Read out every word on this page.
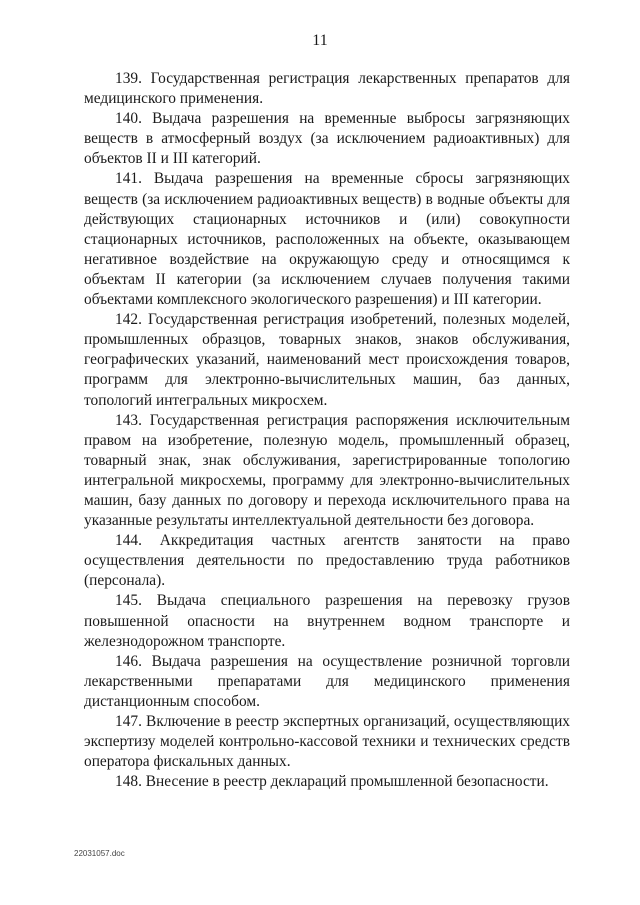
11

139. Государственная регистрация лекарственных препаратов для медицинского применения.

140. Выдача разрешения на временные выбросы загрязняющих веществ в атмосферный воздух (за исключением радиоактивных) для объектов II и III категорий.

141. Выдача разрешения на временные сбросы загрязняющих веществ (за исключением радиоактивных веществ) в водные объекты для действующих стационарных источников и (или) совокупности стационарных источников, расположенных на объекте, оказывающем негативное воздействие на окружающую среду и относящимся к объектам II категории (за исключением случаев получения такими объектами комплексного экологического разрешения) и III категории.

142. Государственная регистрация изобретений, полезных моделей, промышленных образцов, товарных знаков, знаков обслуживания, географических указаний, наименований мест происхождения товаров, программ для электронно-вычислительных машин, баз данных, топологий интегральных микросхем.

143. Государственная регистрация распоряжения исключительным правом на изобретение, полезную модель, промышленный образец, товарный знак, знак обслуживания, зарегистрированные топологию интегральной микросхемы, программу для электронно-вычислительных машин, базу данных по договору и перехода исключительного права на указанные результаты интеллектуальной деятельности без договора.

144. Аккредитация частных агентств занятости на право осуществления деятельности по предоставлению труда работников (персонала).

145. Выдача специального разрешения на перевозку грузов повышенной опасности на внутреннем водном транспорте и железнодорожном транспорте.

146. Выдача разрешения на осуществление розничной торговли лекарственными препаратами для медицинского применения дистанционным способом.

147. Включение в реестр экспертных организаций, осуществляющих экспертизу моделей контрольно-кассовой техники и технических средств оператора фискальных данных.

148. Внесение в реестр деклараций промышленной безопасности.

22031057.doc
